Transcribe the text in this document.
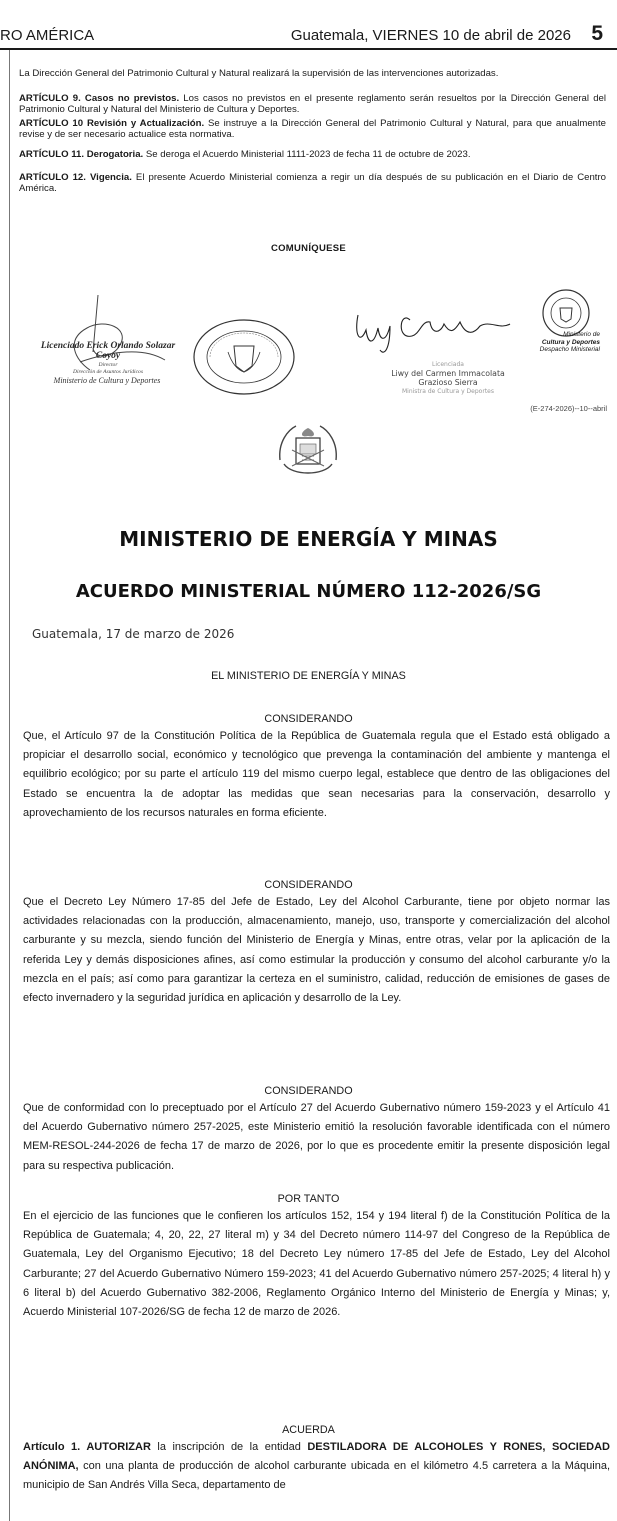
RO AMÉRICA	Guatemala, VIERNES 10 de abril de 2026 5

La Dirección General del Patrimonio Cultural y Natural realizará la supervisión de las intervenciones autorizadas.

ARTÍCULO 9. Casos no previstos. Los casos no previstos en el presente reglamento serán resueltos por la Dirección General del Patrimonio Cultural y Natural del Ministerio de Cultura y Deportes.

ARTÍCULO 10 Revisión y Actualización. Se instruye a la Dirección General del Patrimonio Cultural y Natural, para que anualmente revise y de ser necesario actualice esta normativa.

ARTÍCULO 11. Derogatoria. Se deroga el Acuerdo Ministerial 1111-2023 de fecha 11 de octubre de 2023.

ARTÍCULO 12. Vigencia. El presente Acuerdo Ministerial comienza a regir un día después de su publicación en el Diario de Centro América.

COMUNÍQUESE
Licenciado Erick Orlando Solazar Coyoy
Director
Dirección de Asuntos Jurídicos
Ministerio de Cultura y Deportes
Licenciada
Liwy del Carmen Immacolata
Grazioso Sierra
Ministra de Cultura y Deportes
Ministerio de
Cultura y Deportes
Despacho Ministerial
(E-274-2026)--10--abril
MINISTERIO DE ENERGÍA Y MINAS
ACUERDO MINISTERIAL NÚMERO 112-2026/SG
Guatemala, 17 de marzo de 2026
EL MINISTERIO DE ENERGÍA Y MINAS
CONSIDERANDO

Que, el Artículo 97 de la Constitución Política de la República de Guatemala regula que el Estado está obligado a propiciar el desarrollo social, económico y tecnológico que prevenga la contaminación del ambiente y mantenga el equilibrio ecológico; por su parte el artículo 119 del mismo cuerpo legal, establece que dentro de las obligaciones del Estado se encuentra la de adoptar las medidas que sean necesarias para la conservación, desarrollo y aprovechamiento de los recursos naturales en forma eficiente.

CONSIDERANDO

Que el Decreto Ley Número 17-85 del Jefe de Estado, Ley del Alcohol Carburante, tiene por objeto normar las actividades relacionadas con la producción, almacenamiento, manejo, uso, transporte y comercialización del alcohol carburante y su mezcla, siendo función del Ministerio de Energía y Minas, entre otras, velar por la aplicación de la referida Ley y demás disposiciones afines, así como estimular la producción y consumo del alcohol carburante y/o la mezcla en el país; así como para garantizar la certeza en el suministro, calidad, reducción de emisiones de gases de efecto invernadero y la seguridad jurídica en aplicación y desarrollo de la Ley.

CONSIDERANDO

Que de conformidad con lo preceptuado por el Artículo 27 del Acuerdo Gubernativo número 159-2023 y el Artículo 41 del Acuerdo Gubernativo número 257-2025, este Ministerio emitió la resolución favorable identificada con el número MEM-RESOL-244-2026 de fecha 17 de marzo de 2026, por lo que es procedente emitir la presente disposición legal para su respectiva publicación.

POR TANTO

En el ejercicio de las funciones que le confieren los artículos 152, 154 y 194 literal f) de la Constitución Política de la República de Guatemala; 4, 20, 22, 27 literal m) y 34 del Decreto número 114-97 del Congreso de la República de Guatemala, Ley del Organismo Ejecutivo; 18 del Decreto Ley número 17-85 del Jefe de Estado, Ley del Alcohol Carburante; 27 del Acuerdo Gubernativo Número 159-2023; 41 del Acuerdo Gubernativo número 257-2025; 4 literal h) y 6 literal b) del Acuerdo Gubernativo 382-2006, Reglamento Orgánico Interno del Ministerio de Energía y Minas; y, Acuerdo Ministerial 107-2026/SG de fecha 12 de marzo de 2026.

ACUERDA

Artículo 1. AUTORIZAR la inscripción de la entidad DESTILADORA DE ALCOHOLES Y RONES, SOCIEDAD ANÓNIMA, con una planta de producción de alcohol carburante ubicada en el kilómetro 4.5 carretera a la Máquina, municipio de San Andrés Villa Seca, departamento de
